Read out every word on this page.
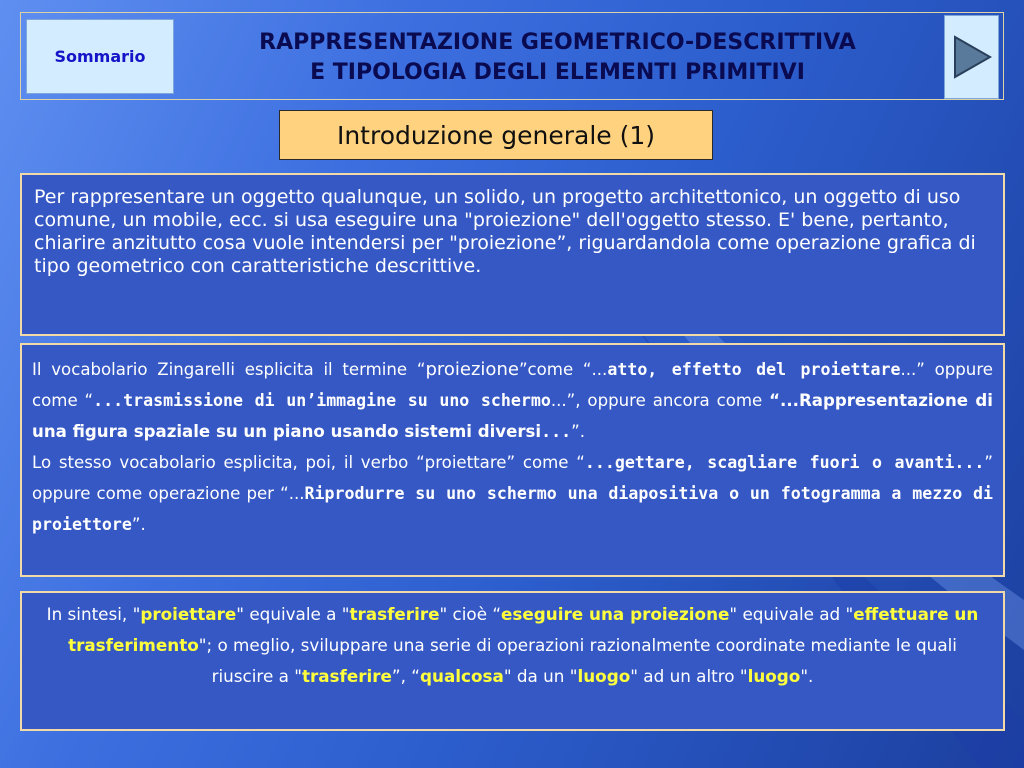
Sommario
RAPPRESENTAZIONE GEOMETRICO-DESCRITTIVA
E TIPOLOGIA DEGLI ELEMENTI PRIMITIVI
Introduzione generale (1)
Per rappresentare un oggetto qualunque, un solido, un progetto architettonico, un oggetto di uso comune, un mobile, ecc. si usa eseguire una "proiezione" dell'oggetto stesso. E' bene, pertanto, chiarire anzitutto cosa vuole intendersi per "proiezione”, riguardandola come operazione grafica di tipo geometrico con caratteristiche descrittive.
Il vocabolario Zingarelli esplicita il termine “proiezione”come “...atto, effetto del proiettare...” oppure come “...trasmissione di un’immagine su uno schermo...”, oppure ancora come “...Rappresentazione di una figura spaziale su un piano usando sistemi diversi...”.
Lo stesso vocabolario esplicita, poi, il verbo “proiettare” come “...gettare, scagliare fuori o avanti...” oppure come operazione per “...Riprodurre su uno schermo una diapositiva o un fotogramma a mezzo di proiettore”.
In sintesi, "proiettare" equivale a "trasferire" cioè “eseguire una proiezione" equivale ad "effettuare un trasferimento"; o meglio, sviluppare una serie di operazioni razionalmente coordinate mediante le quali riuscire a "trasferire”, “qualcosa" da un "luogo" ad un altro "luogo".
